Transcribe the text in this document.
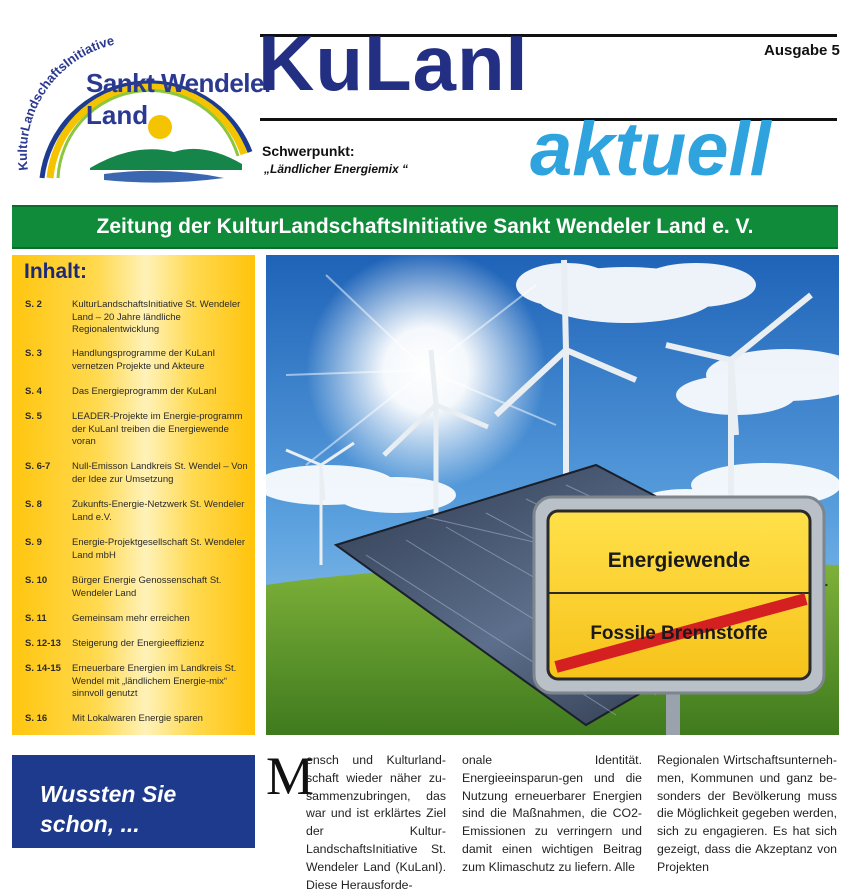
KulturLandschaftsInitiative
Sankt Wendeler
Land
Ausgabe 5
KuLanI
aktuell
Schwerpunkt:
„Ländlicher Energiemix “
Zeitung der KulturLandschaftsInitiative Sankt Wendeler Land e. V.
Inhalt:
S. 2	KulturLandschaftsInitiative St. Wendeler Land – 20 Jahre ländliche Regionalentwicklung
S. 3	Handlungsprogramme der KuLanI vernetzen Projekte und Akteure
S. 4	Das Energieprogramm der KuLanI
S. 5	LEADER-Projekte im Energie-programm der KuLanI treiben die Energiewende voran
S. 6-7 Null-Emisson Landkreis St. Wendel – Von der Idee zur Umsetzung
S. 8	Zukunfts-Energie-Netzwerk St. Wendeler Land e.V.
S. 9	Energie-Projektgesellschaft St. Wendeler Land mbH
S. 10	Bürger Energie Genossenschaft St. Wendeler Land
S. 11	Gemeinsam mehr erreichen
S. 12-13 Steigerung der Energieeffizienz
S. 14-15 Erneuerbare Energien im Landkreis St. Wendel mit „ländlichem Energie-mix“ sinnvoll genutzt
S. 16	Mit Lokalwaren Energie sparen
Energiewende
Fossile Brennstoffe
Wussten Sie
schon, ...
M
ensch und Kulturland-schaft wieder näher zu-sammenzubringen, das war und ist erklärtes Ziel der Kultur-LandschaftsInitiative St. Wendeler Land (KuLanI). Diese Herausforde-
onale Identität. Energieeinsparun-gen und die Nutzung erneuerbarer Energien sind die Maßnahmen, die CO2-Emissionen zu verringern und damit einen wichtigen Beitrag zum Klimaschutz zu liefern. Alle
Regionalen Wirtschaftsunterneh-men, Kommunen und ganz be-sonders der Bevölkerung muss die Möglichkeit gegeben werden, sich zu engagieren. Es hat sich gezeigt, dass die Akzeptanz von Projekten
